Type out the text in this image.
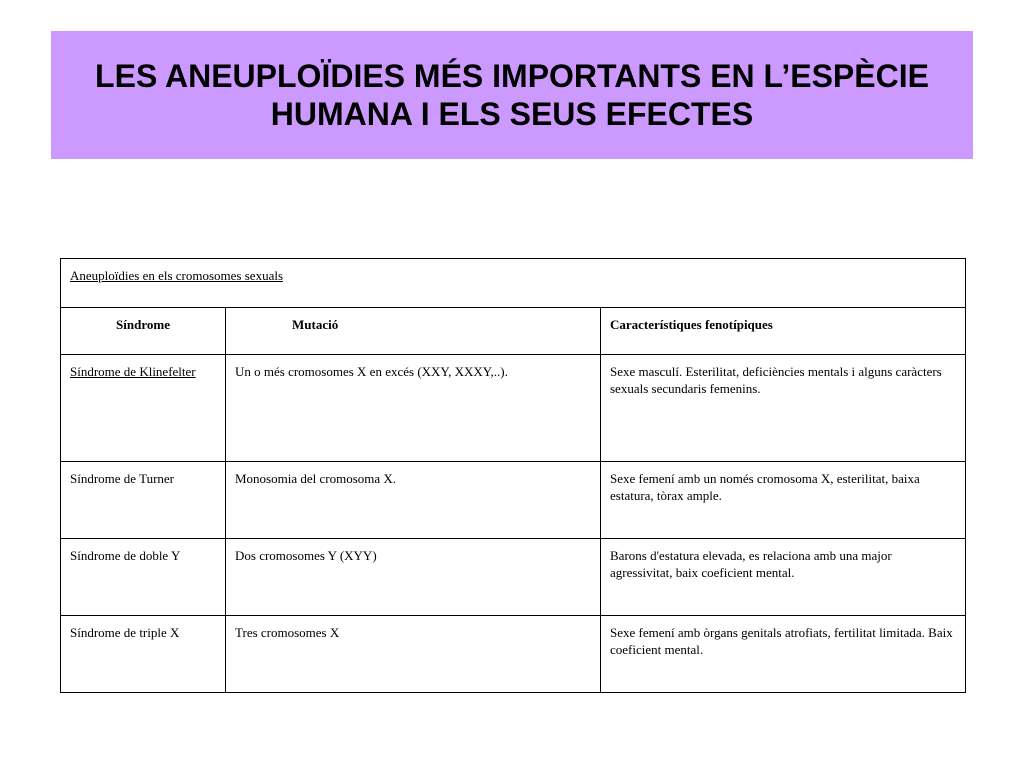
LES ANEUPLOÏDIES MÉS IMPORTANTS EN L’ESPÈCIE
HUMANA I ELS SEUS EFECTES
Aneuploïdies en els cromosomes sexuals		
Síndrome	Mutació	Característiques fenotípiques
Síndrome de Klinefelter	Un o més cromosomes X en excés (XXY, XXXY,..).	Sexe masculí. Esterilitat, deficiències mentals i alguns caràcters sexuals secundaris femenins.
Síndrome de Turner	Monosomia del cromosoma X.	Sexe femení amb un només cromosoma X, esterilitat, baixa estatura, tòrax ample.
Síndrome de doble Y	Dos cromosomes Y (XYY)	Barons d'estatura elevada, es relaciona amb una major agressivitat, baix coeficient mental.
Síndrome de triple X	Tres cromosomes X	Sexe femení amb òrgans genitals atrofiats, fertilitat limitada. Baix coeficient mental.
